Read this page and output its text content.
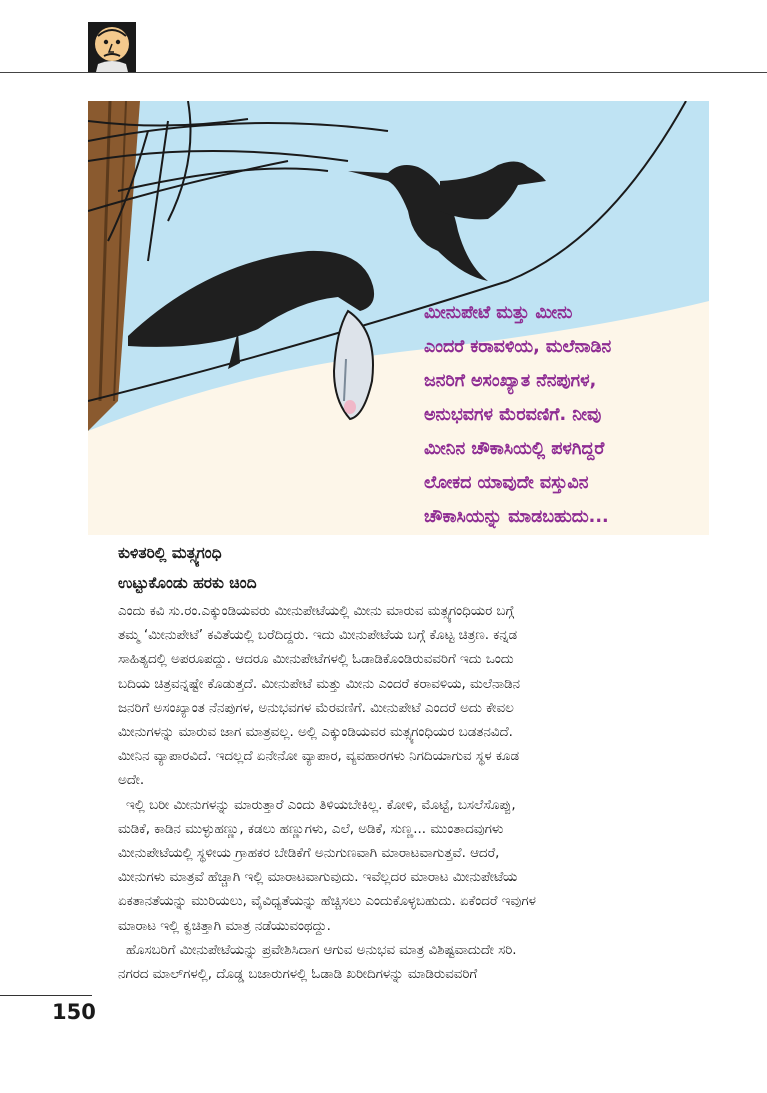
ಮೀನುಪೇಟೆ ಮತ್ತು ಮೀನು
ಎಂದರೆ ಕರಾವಳಿಯ, ಮಲೆನಾಡಿನ
ಜನರಿಗೆ ಅಸಂಖ್ಯಾತ ನೆನಪುಗಳ,
ಅನುಭವಗಳ ಮೆರವಣಿಗೆ. ನೀವು
ಮೀನಿನ ಚೌಕಾಸಿಯಲ್ಲಿ ಪಳಗಿದ್ದರೆ
ಲೋಕದ ಯಾವುದೇ ವಸ್ತುವಿನ
ಚೌಕಾಸಿಯನ್ನು ಮಾಡಬಹುದು...
ಕುಳಿತರಿಲ್ಲಿ ಮತ್ಸ್ಯಗಂಧಿ
ಉಟ್ಟುಕೊಂಡು ಹರಕು ಚಿಂದಿ
ಎಂದು ಕವಿ ಸು.ರಂ.ಎಕ್ಕುಂಡಿಯವರು ಮೀನುಪೇಟೆಯಲ್ಲಿ ಮೀನು ಮಾರುವ ಮತ್ಸ್ಯಗಂಧಿಯರ ಬಗ್ಗೆ
ತಮ್ಮ ‘ಮೀನುಪೇಟೆ’ ಕವಿತೆಯಲ್ಲಿ ಬರೆದಿದ್ದರು. ಇದು ಮೀನುಪೇಟೆಯ ಬಗ್ಗೆ ಕೊಟ್ಟ ಚಿತ್ರಣ. ಕನ್ನಡ
ಸಾಹಿತ್ಯದಲ್ಲಿ ಅಪರೂಪದ್ದು. ಆದರೂ ಮೀನುಪೇಟೆಗಳಲ್ಲಿ ಓಡಾಡಿಕೊಂಡಿರುವವರಿಗೆ ಇದು ಒಂದು
ಬದಿಯ ಚಿತ್ರವನ್ನಷ್ಟೇ ಕೊಡುತ್ತದೆ. ಮೀನುಪೇಟೆ ಮತ್ತು ಮೀನು ಎಂದರೆ ಕರಾವಳಿಯ, ಮಲೆನಾಡಿನ
ಜನರಿಗೆ ಅಸಂಖ್ಯಾಂತ ನೆನಪುಗಳ, ಅನುಭವಗಳ ಮೆರವಣಿಗೆ. ಮೀನುಪೇಟೆ ಎಂದರೆ ಅದು ಕೇವಲ
ಮೀನುಗಳನ್ನು ಮಾರುವ ಜಾಗ ಮಾತ್ರವಲ್ಲ. ಅಲ್ಲಿ ಎಕ್ಕುಂಡಿಯವರ ಮತ್ಸ್ಯಗಂಧಿಯರ ಬಡತನವಿದೆ.
ಮೀನಿನ ವ್ಯಾಪಾರವಿದೆ. ಇದಲ್ಲದೆ ಏನೇನೋ ವ್ಯಾಪಾರ, ವ್ಯವಹಾರಗಳು ನಿಗದಿಯಾಗುವ ಸ್ಥಳ ಕೂಡ
ಅದೇ.
ಇಲ್ಲಿ ಬರೀ ಮೀನುಗಳನ್ನು ಮಾರುತ್ತಾರೆ ಎಂದು ತಿಳಿಯಬೇಕಿಲ್ಲ. ಕೋಳಿ, ಮೊಟ್ಟೆ, ಬಸಲೆಸೊಪ್ಪು,
ಮಡಿಕೆ, ಕಾಡಿನ ಮುಳ್ಳುಹಣ್ಣು, ಕಡಲು ಹಣ್ಣುಗಳು, ಎಲೆ, ಅಡಿಕೆ, ಸುಣ್ಣ... ಮುಂತಾದವುಗಳು
ಮೀನುಪೇಟೆಯಲ್ಲಿ ಸ್ಥಳೀಯ ಗ್ರಾಹಕರ ಬೇಡಿಕೆಗೆ ಅನುಗುಣವಾಗಿ ಮಾರಾಟವಾಗುತ್ತವೆ. ಆದರೆ,
ಮೀನುಗಳು ಮಾತ್ರವೆ ಹೆಚ್ಚಾಗಿ ಇಲ್ಲಿ ಮಾರಾಟವಾಗುವುದು. ಇವೆಲ್ಲದರ ಮಾರಾಟ ಮೀನುಪೇಟೆಯ
ಏಕತಾನತೆಯನ್ನು ಮುರಿಯಲು, ವೈವಿಧ್ಯತೆಯನ್ನು ಹೆಚ್ಚಿಸಲು ಎಂದುಕೊಳ್ಳಬಹುದು. ಏಕೆಂದರೆ ಇವುಗಳ
ಮಾರಾಟ ಇಲ್ಲಿ ಕ್ವಚಿತ್ತಾಗಿ ಮಾತ್ರ ನಡೆಯುವಂಥದ್ದು.
ಹೊಸಬರಿಗೆ ಮೀನುಪೇಟೆಯನ್ನು ಪ್ರವೇಶಿಸಿದಾಗ ಆಗುವ ಅನುಭವ ಮಾತ್ರ ವಿಶಿಷ್ಟವಾದುದೇ ಸರಿ.
ನಗರದ ಮಾಲ್‌ಗಳಲ್ಲಿ, ದೊಡ್ಡ ಬಜಾರುಗಳಲ್ಲಿ ಓಡಾಡಿ ಖರೀದಿಗಳನ್ನು ಮಾಡಿರುವವರಿಗೆ
150
